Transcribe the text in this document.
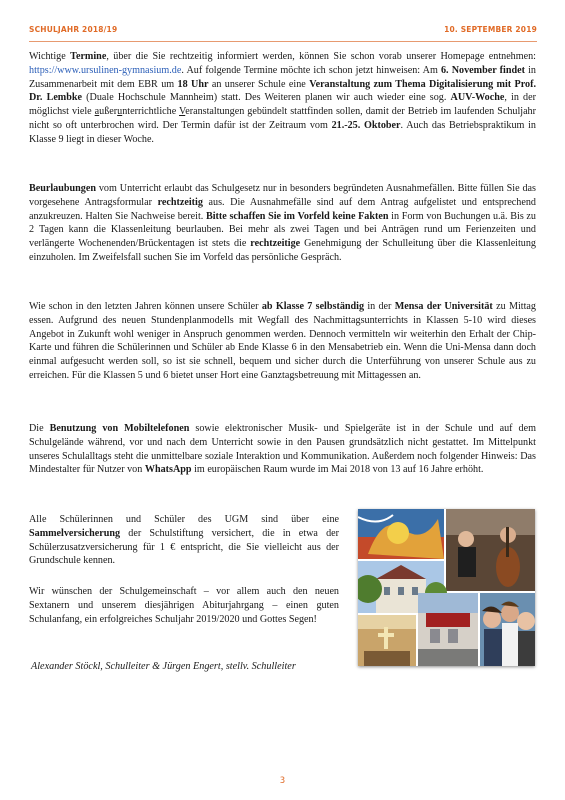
SCHULJAHR 2018/19	10. SEPTEMBER 2019

Wichtige Termine, über die Sie rechtzeitig informiert werden, können Sie schon vorab unserer Homepage entnehmen: https://www.ursulinen-gymnasium.de. Auf folgende Termine möchte ich schon jetzt hinweisen: Am 6. November findet in Zusammenarbeit mit dem EBR um 18 Uhr an unserer Schule eine Veranstaltung zum Thema Digitalisierung mit Prof. Dr. Lembke (Duale Hochschule Mannheim) statt. Des Weiteren planen wir auch wieder eine sog. AUV-Woche, in der möglichst viele außerunterrichtliche Veranstaltungen gebündelt stattfinden sollen, damit der Betrieb im laufenden Schuljahr nicht so oft unterbrochen wird. Der Termin dafür ist der Zeitraum vom 21.-25. Oktober. Auch das Betriebspraktikum in Klasse 9 liegt in dieser Woche.

Beurlaubungen vom Unterricht erlaubt das Schulgesetz nur in besonders begründeten Ausnahmefällen. Bitte füllen Sie das vorgesehene Antragsformular rechtzeitig aus. Die Ausnahmefälle sind auf dem Antrag aufgelistet und entsprechend anzukreuzen. Halten Sie Nachweise bereit. Bitte schaffen Sie im Vorfeld keine Fakten in Form von Buchungen u.ä. Bis zu 2 Tagen kann die Klassenleitung beurlauben. Bei mehr als zwei Tagen und bei Anträgen rund um Ferienzeiten und verlängerte Wochenenden/Brückentagen ist stets die rechtzeitige Genehmigung der Schulleitung über die Klassenleitung einzuholen. Im Zweifelsfall suchen Sie im Vorfeld das persönliche Gespräch.

Wie schon in den letzten Jahren können unsere Schüler ab Klasse 7 selbständig in der Mensa der Universität zu Mittag essen. Aufgrund des neuen Stundenplanmodells mit Wegfall des Nachmittagsunterrichts in Klassen 5-10 wird dieses Angebot in Zukunft wohl weniger in Anspruch genommen werden. Dennoch vermitteln wir weiterhin den Erhalt der Chip-Karte und führen die Schülerinnen und Schüler ab Ende Klasse 6 in den Mensabetrieb ein. Wenn die Uni-Mensa dann doch einmal aufgesucht werden soll, so ist sie schnell, bequem und sicher durch die Unterführung von unserer Schule aus zu erreichen. Für die Klassen 5 und 6 bietet unser Hort eine Ganztagsbetreuung mit Mittagessen an.

Die Benutzung von Mobiltelefonen sowie elektronischer Musik- und Spielgeräte ist in der Schule und auf dem Schulgelände während, vor und nach dem Unterricht sowie in den Pausen grundsätzlich nicht gestattet. Im Mittelpunkt unseres Schulalltags steht die unmittelbare soziale Interaktion und Kommunikation. Außerdem noch folgender Hinweis: Das Mindestalter für Nutzer von WhatsApp im europäischen Raum wurde im Mai 2018 von 13 auf 16 Jahre erhöht.

Alle Schülerinnen und Schüler des UGM sind über eine Sammelversicherung der Schulstiftung versichert, die in etwa der Schülerzusatzversicherung für 1 € entspricht, die Sie vielleicht aus der Grundschule kennen.

Wir wünschen der Schulgemeinschaft – vor allem auch den neuen Sextanern und unserem diesjährigen Abiturjahrgang – einen guten Schulanfang, ein erfolgreiches Schuljahr 2019/2020 und Gottes Segen!

Alexander Stöckl, Schulleiter & Jürgen Engert, stellv. Schulleiter
3
